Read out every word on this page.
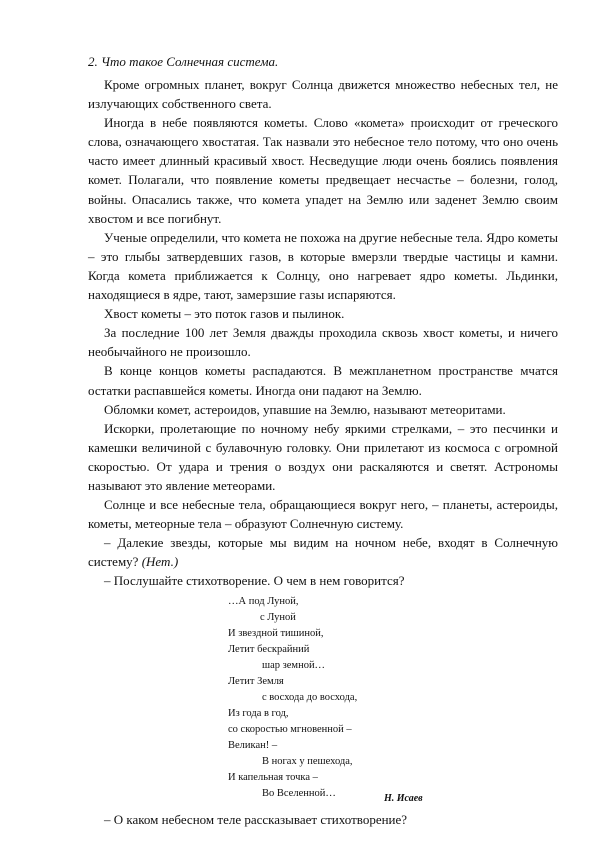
2. Что такое Солнечная система.

Кроме огромных планет, вокруг Солнца движется множество небесных тел, не излучающих собственного света.

Иногда в небе появляются кометы. Слово «комета» происходит от греческого слова, означающего хвостатая. Так назвали это небесное тело потому, что оно очень часто имеет длинный красивый хвост. Несведущие люди очень боялись появления комет. Полагали, что появление кометы предвещает несчастье – болезни, голод, войны. Опасались также, что комета упадет на Землю или заденет Землю своим хвостом и все погибнут.

Ученые определили, что комета не похожа на другие небесные тела. Ядро кометы – это глыбы затвердевших газов, в которые вмерзли твердые частицы и камни. Когда комета приближается к Солнцу, оно нагревает ядро кометы. Льдинки, находящиеся в ядре, тают, замерзшие газы испаряются.

Хвост кометы – это поток газов и пылинок.

За последние 100 лет Земля дважды проходила сквозь хвост кометы, и ничего необычайного не произошло.

В конце концов кометы распадаются. В межпланетном пространстве мчатся остатки распавшейся кометы. Иногда они падают на Землю.

Обломки комет, астероидов, упавшие на Землю, называют метеоритами.

Искорки, пролетающие по ночному небу яркими стрелками, – это песчинки и камешки величиной с булавочную головку. Они прилетают из космоса с огромной скоростью. От удара и трения о воздух они раскаляются и светят. Астрономы называют это явление метеорами.

Солнце и все небесные тела, обращающиеся вокруг него, – планеты, астероиды, кометы, метеорные тела – образуют Солнечную систему.

– Далекие звезды, которые мы видим на ночном небе, входят в Солнечную систему? (Нет.)

– Послушайте стихотворение. О чем в нем говорится?

…А под Луной,
с Луной
И звездной тишиной,
Летит бескрайний
шар земной…
Летит Земля
с восхода до восхода,
Из года в год,
со скоростью мгновенной –
Великан! –
В ногах у пешехода,
И капельная точка –
Во Вселенной…	Н. Исаев

– О каком небесном теле рассказывает стихотворение?
